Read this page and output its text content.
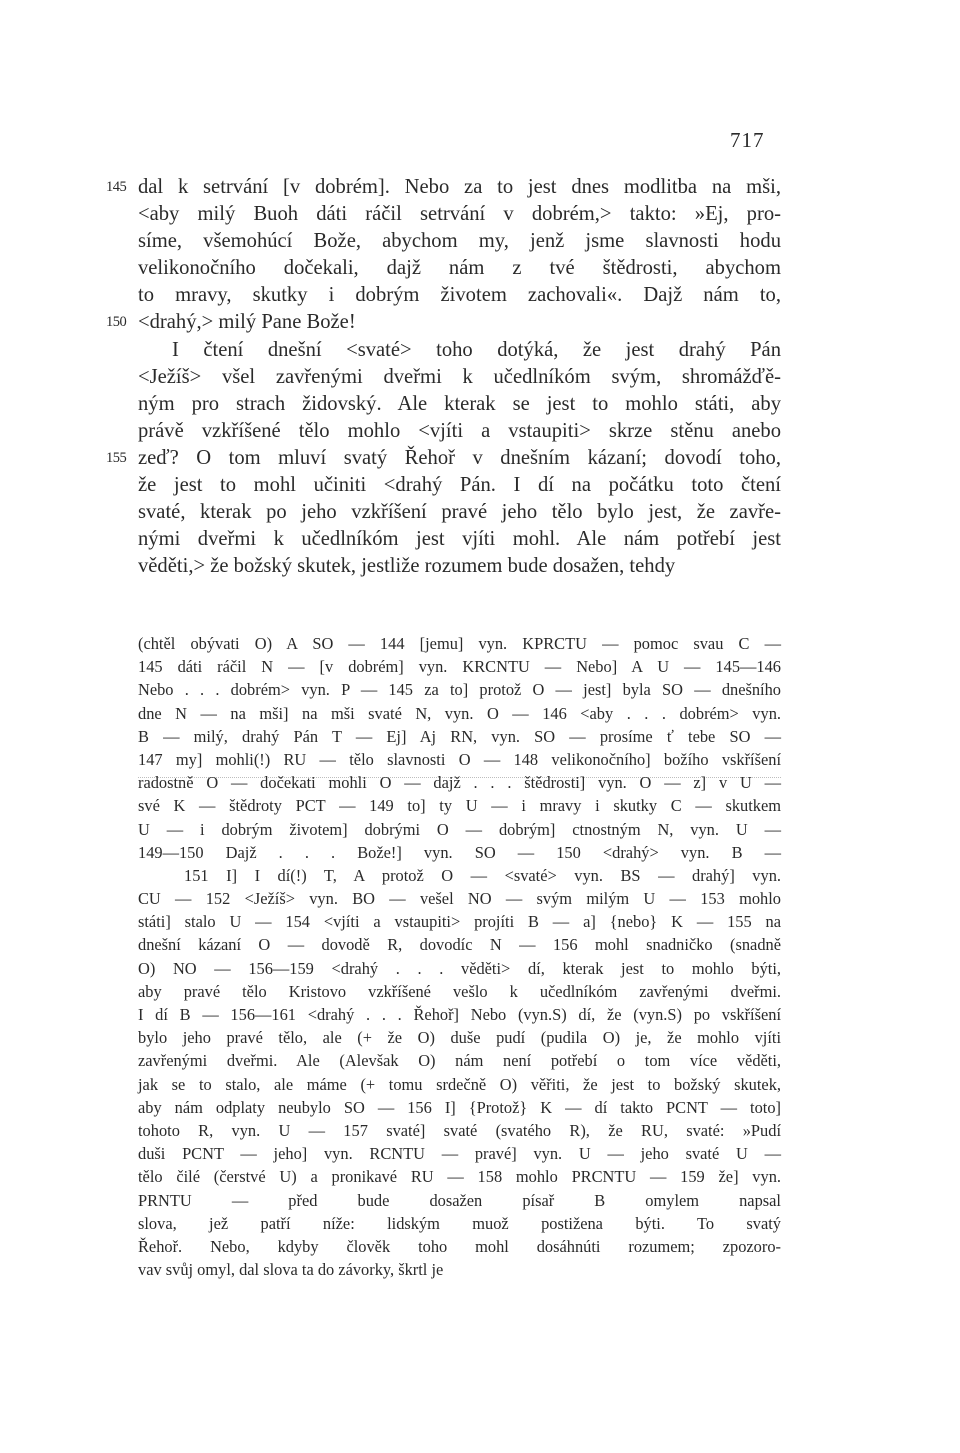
717
145 dal k setrvání [v dobrém]. Nebo za to jest dnes modlitba na mši,
<aby milý Buoh dáti ráčil setrvání v dobrém,> takto: »Ej, pro-
síme, všemohúcí Bože, abychom my, jenž jsme slavnosti hodu
velikonočního dočekali, dajž nám z tvé štědrosti, abychom
to mravy, skutky i dobrým životem zachovali«. Dajž nám to,
150 <drahý,> milý Pane Bože!
I čtení dnešní <svaté> toho dotýká, že jest drahý Pán
<Ježíš> všel zavřenými dveřmi k učedlníkóm svým, shromážďě-
ným pro strach židovský. Ale kterak se jest to mohlo státi, aby
právě vzkříšené tělo mohlo <vjíti a vstaupiti> skrze stěnu anebo
155 zeď? O tom mluví svatý Řehoř v dnešním kázaní; dovodí toho,
že jest to mohl učiniti <drahý Pán. I dí na počátku toto čtení
svaté, kterak po jeho vzkříšení pravé jeho tělo bylo jest, že zavře-
nými dveřmi k učedlníkóm jest vjíti mohl. Ale nám potřebí jest
věděti,> že božský skutek, jestliže rozumem bude dosažen, tehdy
(chtěl obývati O) A SO — 144 [jemu] vyn. KPRCTU — pomoc svau C —
145 dáti ráčil N — [v dobrém] vyn. KRCNTU — Nebo] A U — 145—146
Nebo . . . dobrém> vyn. P — 145 za to] protož O — jest] byla SO — dnešního
dne N — na mši] na mši svaté N, vyn. O — 146 <aby . . . dobrém> vyn.
B — milý, drahý Pán T — Ej] Aj RN, vyn. SO — prosíme ť tebe SO —
147 my] mohli(!) RU — tělo slavnosti O — 148 velikonočního] božího vskříšení
radostně O — dočekati mohli O — dajž . . . štědrosti] vyn. O — z] v U —
své K — štědroty PCT — 149 to] ty U — i mravy i skutky C — skutkem
U — i dobrým životem] dobrými O — dobrým] ctnostným N, vyn. U —
149—150 Dajž . . . Bože!] vyn. SO — 150 <drahý> vyn. B —
151 I] I dí(!) T, A protož O — <svaté> vyn. BS — drahý] vyn.
CU — 152 <Ježíš> vyn. BO — vešel NO — svým milým U — 153 mohlo
státi] stalo U — 154 <vjíti a vstaupiti> projíti B — a] {nebo} K — 155 na
dnešní kázaní O — dovodě R, dovodíc N — 156 mohl snadničko (snadně
O) NO — 156—159 <drahý . . . věděti> dí, kterak jest to mohlo býti,
aby pravé tělo Kristovo vzkříšené vešlo k učedlníkóm zavřenými dveřmi.
I dí B — 156—161 <drahý . . . Řehoř] Nebo (vyn.S) dí, že (vyn.S) po vskříšení
bylo jeho pravé tělo, ale (+ že O) duše pudí (pudila O) je, že mohlo vjíti
zavřenými dveřmi. Ale (Alevšak O) nám není potřebí o tom více věděti,
jak se to stalo, ale máme (+ tomu srdečně O) věřiti, že jest to božský skutek,
aby nám odplaty neubylo SO — 156 I] {Protož} K — dí takto PCNT — toto]
tohoto R, vyn. U — 157 svaté] svaté (svatého R), že RU, svaté: »Pudí
duši PCNT — jeho] vyn. RCNTU — pravé] vyn. U — jeho svaté U —
tělo čilé (čerstvé U) a pronikavé RU — 158 mohlo PRCNTU — 159 že] vyn.
PRNTU — před bude dosažen písař B omylem napsal
slova, jež patří níže: lidským muož postižena býti. To svatý
Řehoř. Nebo, kdyby člověk toho mohl dosáhnúti rozumem; zpozoro-
vav svůj omyl, dal slova ta do závorky, škrtl je
